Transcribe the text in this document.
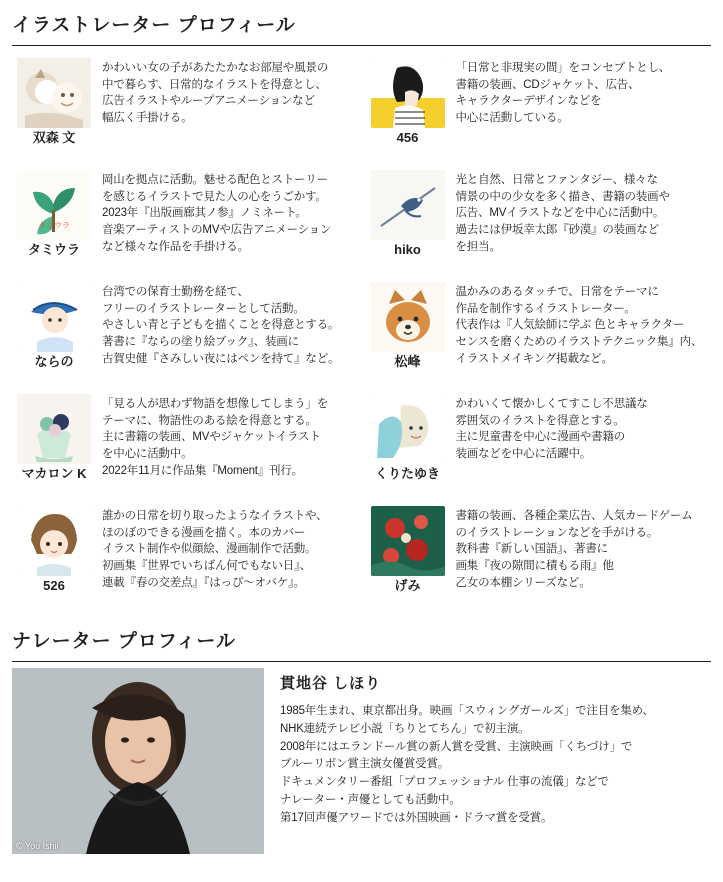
イラストレーター プロフィール
双森 文
かわいい女の子があたたかなお部屋や風景の
中で暮らす、日常的なイラストを得意とし、
広告イラストやループアニメーションなど
幅広く手掛ける。
456
「日常と非現実の間」をコンセプトとし、
書籍の装画、CDジャケット、広告、
キャラクターデザインなどを
中心に活動している。
タミウラ
タミウラ
岡山を拠点に活動。魅せる配色とストーリー
を感じるイラストで見た人の心をうごかす。
2023年『出版画廊其ノ参』ノミネート。
音楽アーティストのMVや広告アニメーション
など様々な作品を手掛ける。	hiko
光と自然、日常とファンタジー、様々な
情景の中の少女を多く描き、書籍の装画や
広告、MVイラストなどを中心に活動中。
過去には伊坂幸太郎『砂漠』の装画など
を担当。
ならの
台湾での保育士勤務を経て、
フリーのイラストレーターとして活動。
やさしい青と子どもを描くことを得意とする。
著書に『ならの塗り絵ブック』、装画に
古賀史健『さみしい夜にはペンを持て』など。	松峰
温かみのあるタッチで、日常をテーマに
作品を制作するイラストレーター。
代表作は『人気絵師に学ぶ 色とキャラクター
センスを磨くためのイラストテクニック集』内、
イラストメイキング掲載など。
マカロン K
「見る人が思わず物語を想像してしまう」を
テーマに、物語性のある絵を得意とする。
主に書籍の装画、MVやジャケットイラスト
を中心に活動中。
2022年11月に作品集『Moment』刊行。	くりたゆき
かわいくて懐かしくてすこし不思議な
雰囲気のイラストを得意とする。
主に児童書を中心に漫画や書籍の
装画などを中心に活躍中。
526
誰かの日常を切り取ったようなイラストや、
ほのぼのできる漫画を描く。本のカバー
イラスト制作や似顔絵、漫画制作で活動。
初画集『世界でいちばん何でもない日』、
連載『春の交差点』『はっぴ〜オバケ』。	げみ
書籍の装画、各種企業広告、人気カードゲーム
のイラストレーションなどを手がける。
教科書『新しい国語』、著書に
画集『夜の隙間に積もる雨』他
乙女の本棚シリーズなど。
ナレーター プロフィール
© You Ishii
貫地谷 しほり
1985年生まれ、東京都出身。映画「スウィングガールズ」で注目を集め、
NHK連続テレビ小説「ちりとてちん」で初主演。
2008年にはエランドール賞の新人賞を受賞、主演映画「くちづけ」で
ブルーリボン賞主演女優賞受賞。
ドキュメンタリー番組「プロフェッショナル 仕事の流儀」などで
ナレーター・声優としても活動中。
第17回声優アワードでは外国映画・ドラマ賞を受賞。
